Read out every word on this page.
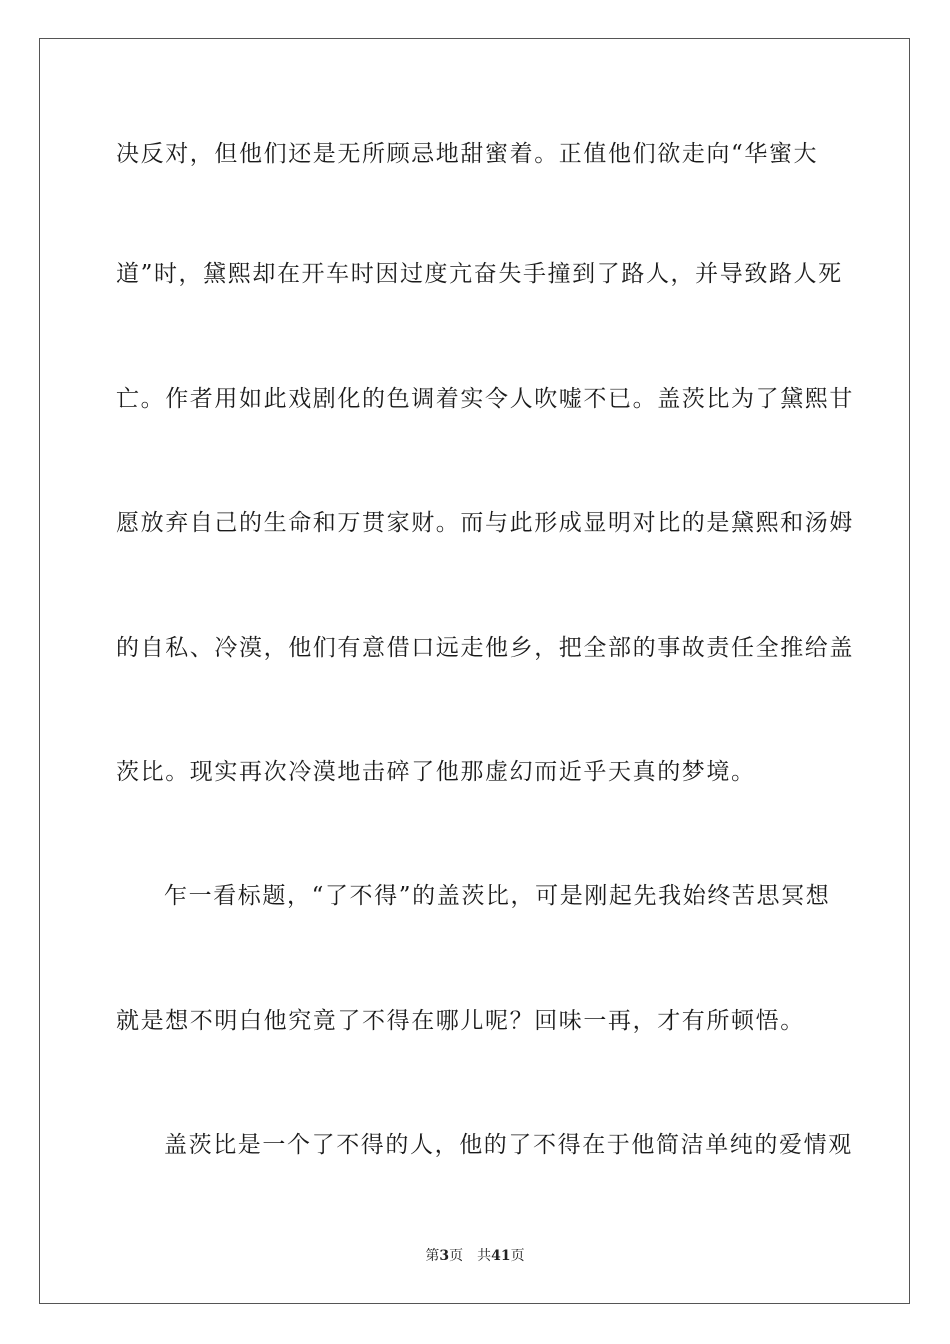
决反对，但他们还是无所顾忌地甜蜜着。正值他们欲走向“华蜜大
道”时，黛熙却在开车时因过度亢奋失手撞到了路人，并导致路人死
亡。作者用如此戏剧化的色调着实令人吹嘘不已。盖茨比为了黛熙甘
愿放弃自己的生命和万贯家财。而与此形成显明对比的是黛熙和汤姆
的自私、冷漠，他们有意借口远走他乡，把全部的事故责任全推给盖
茨比。现实再次冷漠地击碎了他那虚幻而近乎天真的梦境。
乍一看标题，“了不得”的盖茨比，可是刚起先我始终苦思冥想
就是想不明白他究竟了不得在哪儿呢？回味一再，才有所顿悟。
盖茨比是一个了不得的人，他的了不得在于他简洁单纯的爱情观
第3页 共41页
